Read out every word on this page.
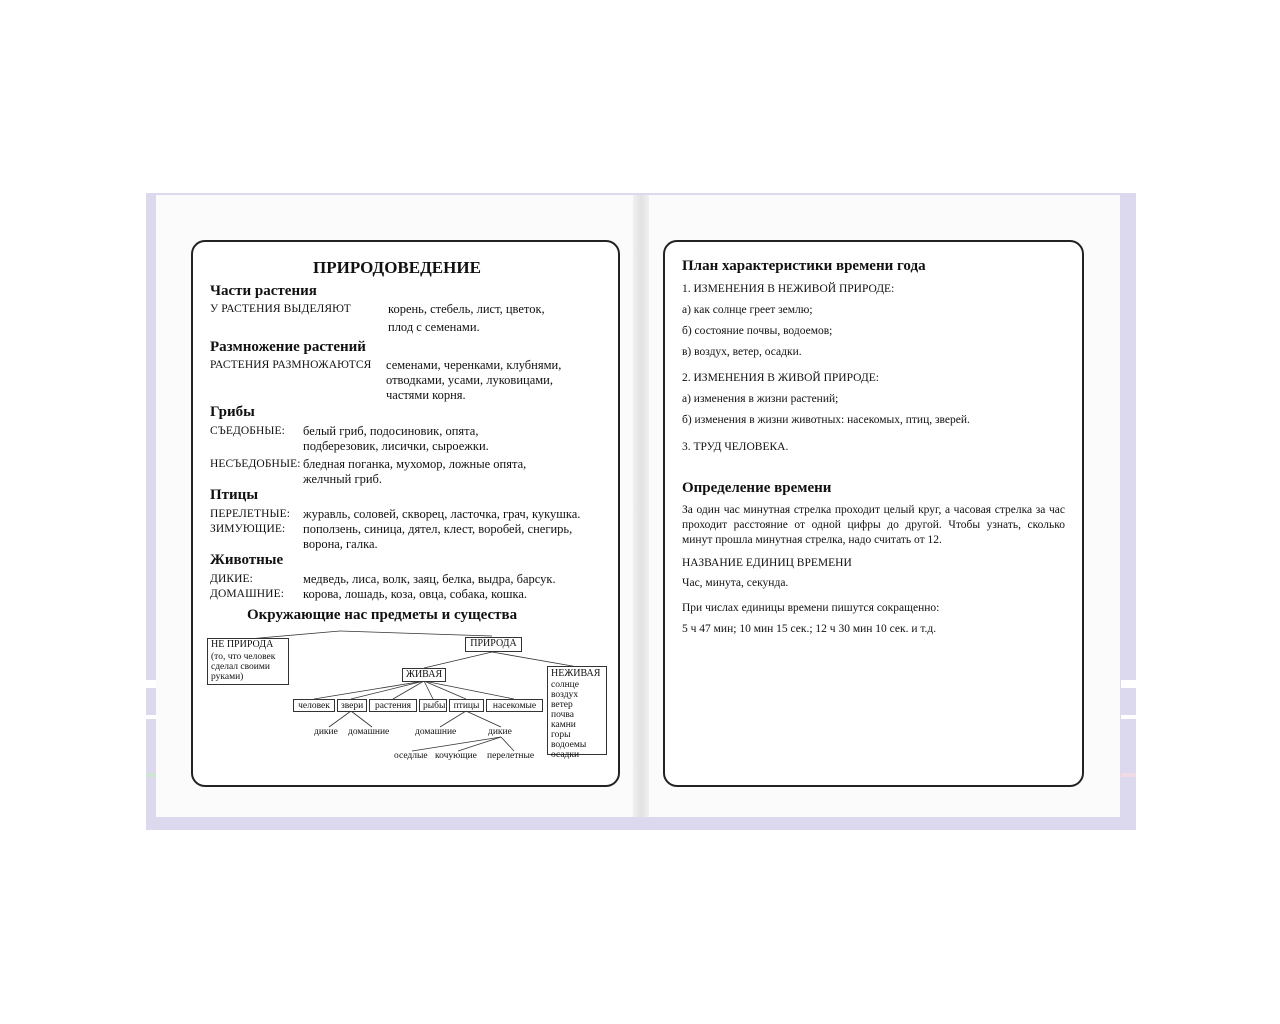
ПРИРОДОВЕДЕНИЕ
Части растения
У РАСТЕНИЯ ВЫДЕЛЯЮТ	корень, стебель, лист, цветок,
плод с семенами.
Размножение растений
РАСТЕНИЯ РАЗМНОЖАЮТСЯ семенами, черенками, клубнями,
отводками, усами, луковицами,
частями корня.
Грибы
СЪЕДОБНЫЕ: белый гриб, подосиновик, опята,
подберезовик, лисички, сыроежки.
НЕСЪЕДОБНЫЕ: бледная поганка, мухомор, ложные опята,
желчный гриб.
Птицы
ПЕРЕЛЕТНЫЕ: журавль, соловей, скворец, ласточка, грач, кукушка.
ЗИМУЮЩИЕ: поползень, синица, дятел, клест, воробей, снегирь,
ворона, галка.
Животные
ДИКИЕ:	медведь, лиса, волк, заяц, белка, выдра, барсук.
ДОМАШНИЕ: корова, лошадь, коза, овца, собака, кошка.
Окружающие нас предметы и существа
НЕ ПРИРОДА
(то, что человек
сделал своими
руками)
ПРИРОДА
ЖИВАЯ	НЕЖИВАЯ
солнце
воздух
ветер
почва
камни
горы
водоемы
осадки
человек	звери	растения	рыбы птицы	насекомые
дикие домашние	домашние	дикие
оседлые кочующие перелетные
План характеристики времени года
1. ИЗМЕНЕНИЯ В НЕЖИВОЙ ПРИРОДЕ:
а) как солнце греет землю;
б) состояние почвы, водоемов;
в) воздух, ветер, осадки.
2. ИЗМЕНЕНИЯ В ЖИВОЙ ПРИРОДЕ:
а) изменения в жизни растений;
б) изменения в жизни животных: насекомых, птиц, зверей.
3. ТРУД ЧЕЛОВЕКА.
Определение времени
За один час минутная стрелка проходит целый круг, а часовая стрелка за час проходит расстояние от одной цифры до другой. Чтобы узнать, сколько минут прошла минутная стрелка, надо считать от 12.
НАЗВАНИЕ ЕДИНИЦ ВРЕМЕНИ
Час, минута, секунда.
При числах единицы времени пишутся сокращенно:
5 ч 47 мин; 10 мин 15 сек.; 12 ч 30 мин 10 сек. и т.д.
